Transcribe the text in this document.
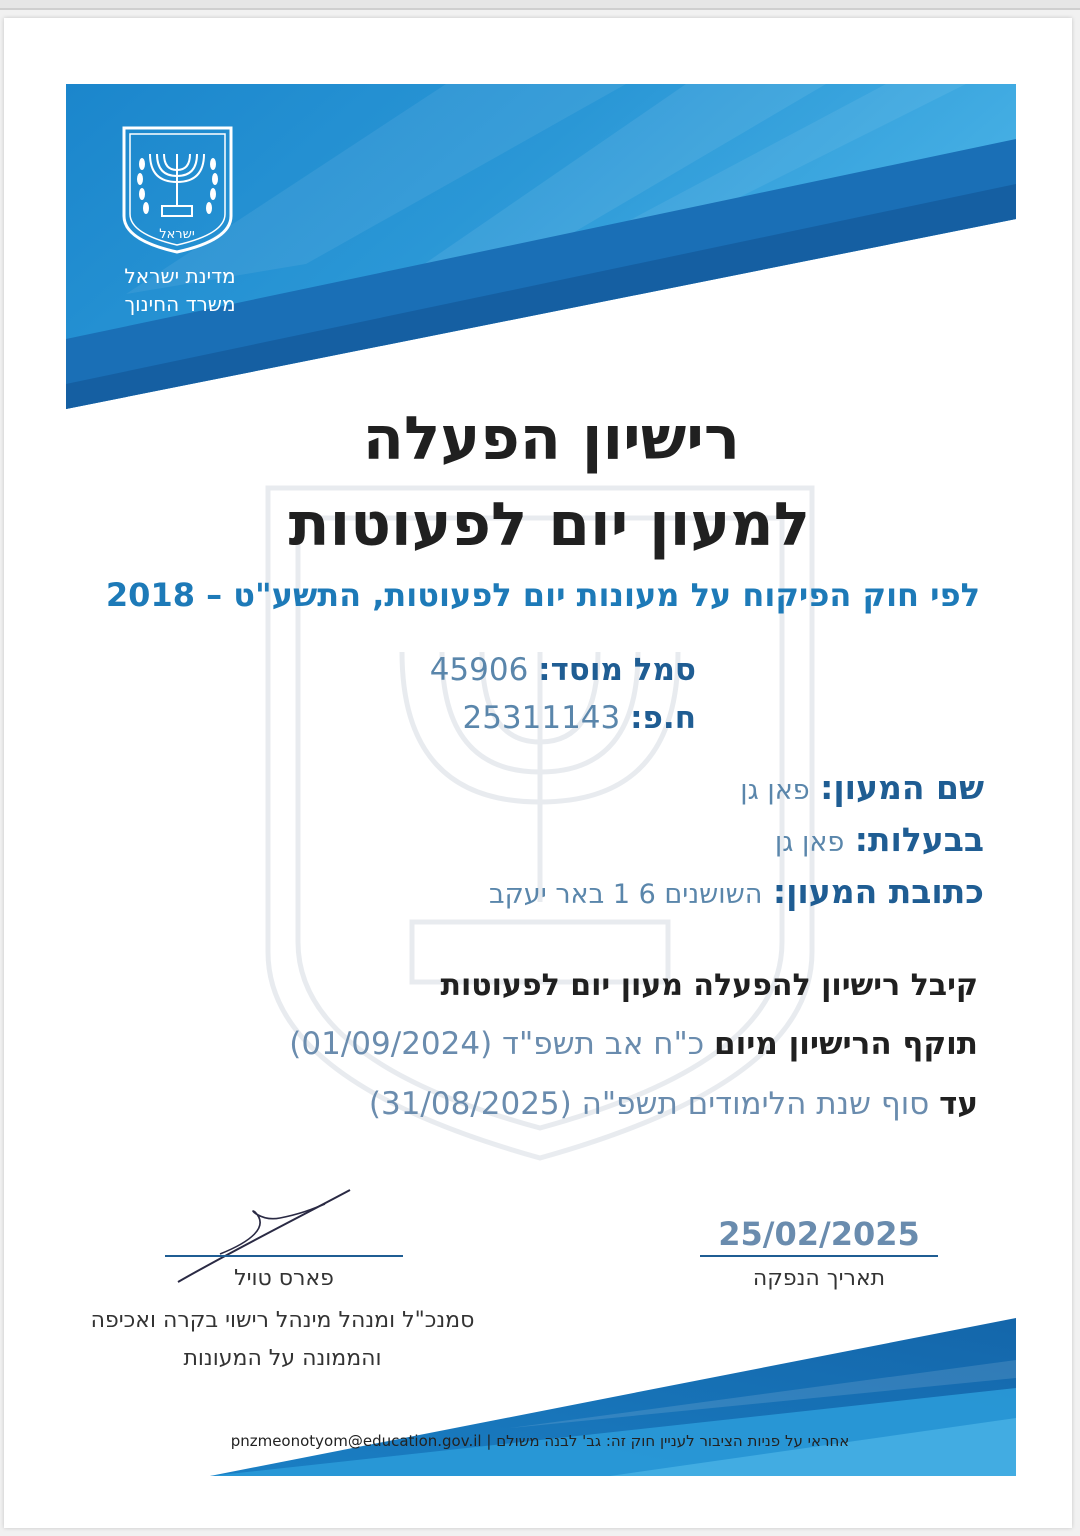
ישראל
מדינת ישראל
משרד החינוך
רישיון הפעלה
למעון יום לפעוטות
לפי חוק הפיקוח על מעונות יום לפעוטות, התשע"ט – 2018
סמל מוסד: 45906
ח.פ: 25311143
שם המעון: פאן גן
בבעלות: פאן גן
כתובת המעון: השושנים 6 1 באר יעקב
קיבל רישיון להפעלה מעון יום לפעוטות
תוקף הרישיון מיום כ"ח אב תשפ"ד (01/09/2024)
עד סוף שנת הלימודים תשפ"ה (31/08/2025)
25/02/2025
תאריך הנפקה
פארס טויל
סמנכ"ל ומנהל מינהל רישוי בקרה ואכיפה
והממונה על המעונות
pnzmeonotyom@education.gov.il | אחראי על פניות הציבור לעניין חוק זה: גב' לבנה משולם
